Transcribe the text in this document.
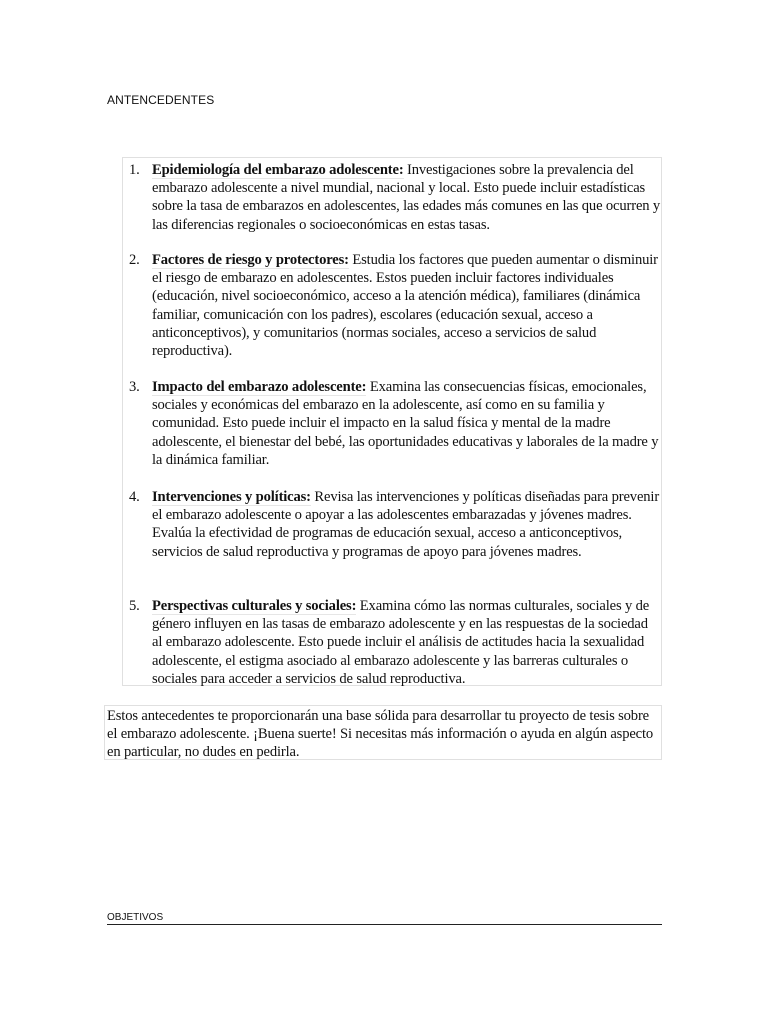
ANTENCEDENTES
1. Epidemiología del embarazo adolescente: Investigaciones sobre la prevalencia del embarazo adolescente a nivel mundial, nacional y local. Esto puede incluir estadísticas sobre la tasa de embarazos en adolescentes, las edades más comunes en las que ocurren y las diferencias regionales o socioeconómicas en estas tasas.
2. Factores de riesgo y protectores: Estudia los factores que pueden aumentar o disminuir el riesgo de embarazo en adolescentes. Estos pueden incluir factores individuales (educación, nivel socioeconómico, acceso a la atención médica), familiares (dinámica familiar, comunicación con los padres), escolares (educación sexual, acceso a anticonceptivos), y comunitarios (normas sociales, acceso a servicios de salud reproductiva).
3. Impacto del embarazo adolescente: Examina las consecuencias físicas, emocionales, sociales y económicas del embarazo en la adolescente, así como en su familia y comunidad. Esto puede incluir el impacto en la salud física y mental de la madre adolescente, el bienestar del bebé, las oportunidades educativas y laborales de la madre y la dinámica familiar.
4. Intervenciones y políticas: Revisa las intervenciones y políticas diseñadas para prevenir el embarazo adolescente o apoyar a las adolescentes embarazadas y jóvenes madres. Evalúa la efectividad de programas de educación sexual, acceso a anticonceptivos, servicios de salud reproductiva y programas de apoyo para jóvenes madres.
5. Perspectivas culturales y sociales: Examina cómo las normas culturales, sociales y de género influyen en las tasas de embarazo adolescente y en las respuestas de la sociedad al embarazo adolescente. Esto puede incluir el análisis de actitudes hacia la sexualidad adolescente, el estigma asociado al embarazo adolescente y las barreras culturales o sociales para acceder a servicios de salud reproductiva.
Estos antecedentes te proporcionarán una base sólida para desarrollar tu proyecto de tesis sobre el embarazo adolescente. ¡Buena suerte! Si necesitas más información o ayuda en algún aspecto en particular, no dudes en pedirla.
OBJETIVOS
